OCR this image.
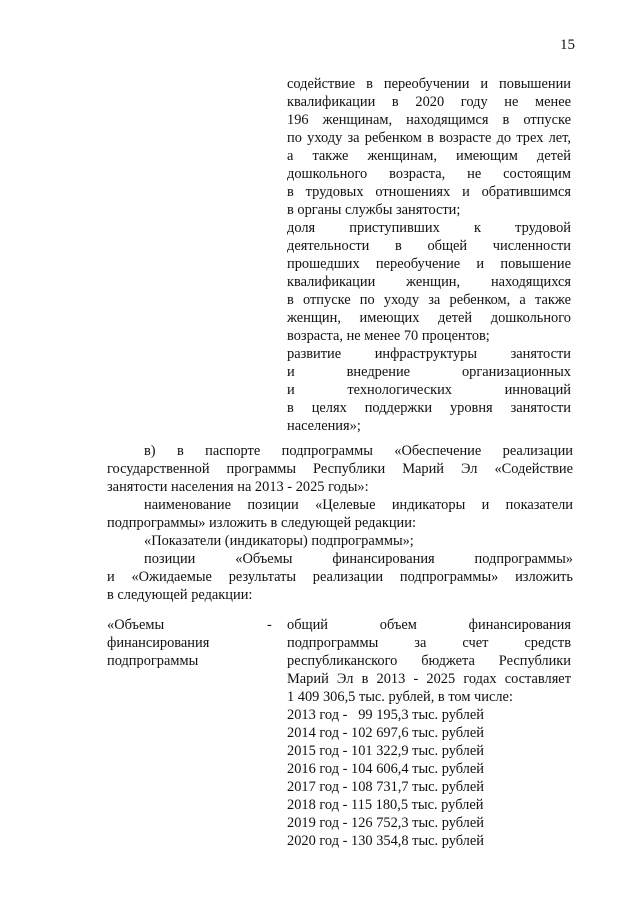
15
содействие в переобучении и повышении
квалификации в 2020 году не менее
196 женщинам, находящимся в отпуске
по уходу за ребенком в возрасте до трех лет,
а также женщинам, имеющим детей
дошкольного возраста, не состоящим
в трудовых отношениях и обратившимся
в органы службы занятости;
доля приступивших к трудовой
деятельности в общей численности
прошедших переобучение и повышение
квалификации женщин, находящихся
в отпуске по уходу за ребенком, а также
женщин, имеющих детей дошкольного
возраста, не менее 70 процентов;
развитие инфраструктуры занятости
и внедрение организационных
и технологических инноваций
в целях поддержки уровня занятости
населения»;
в) в паспорте подпрограммы «Обеспечение реализации
государственной программы Республики Марий Эл «Содействие
занятости населения на 2013 - 2025 годы»:
наименование позиции «Целевые индикаторы и показатели
подпрограммы» изложить в следующей редакции:
«Показатели (индикаторы) подпрограммы»;
позиции «Объемы финансирования подпрограммы»
и «Ожидаемые результаты реализации подпрограммы» изложить
в следующей редакции:
«Объемы
финансирования
подпрограммы
- общий объем финансирования
подпрограммы за счет средств
республиканского бюджета Республики
Марий Эл в 2013 - 2025 годах составляет
1 409 306,5 тыс. рублей, в том числе:
2013 год -   99 195,3 тыс. рублей
2014 год - 102 697,6 тыс. рублей
2015 год - 101 322,9 тыс. рублей
2016 год - 104 606,4 тыс. рублей
2017 год - 108 731,7 тыс. рублей
2018 год - 115 180,5 тыс. рублей
2019 год - 126 752,3 тыс. рублей
2020 год - 130 354,8 тыс. рублей
